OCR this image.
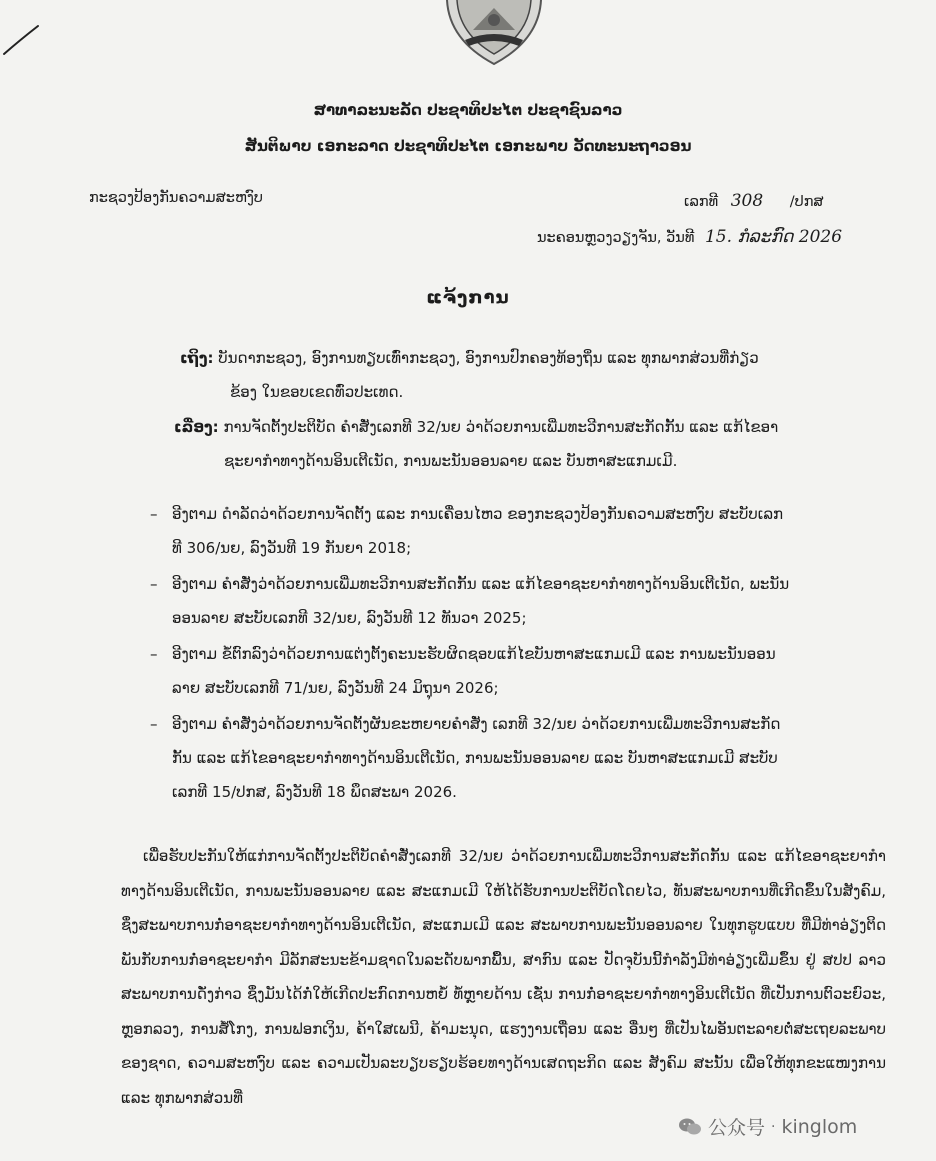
ສາທາລະນະລັດ ປະຊາທິປະໄຕ ປະຊາຊົນລາວ
ສັນຕິພາບ ເອກະລາດ ປະຊາທິປະໄຕ ເອກະພາບ ວັດທະນະຖາວອນ
ກະຊວງປ້ອງກັນຄວາມສະຫງົບ	ເລກທີ 308 /ປກສ
ນະຄອນຫຼວງວຽງຈັນ, ວັນທີ 15. ກໍລະກົດ 2026
ແຈ້ງການ
ເຖິງ: ບັນດາກະຊວງ, ອົງການທຽບເທົ່າກະຊວງ, ອົງການປົກຄອງທ້ອງຖິ່ນ ແລະ ທຸກພາກສ່ວນທີ່ກ່ຽວ
ຂ້ອງ ໃນຂອບເຂດທົ່ວປະເທດ.
ເລື່ອງ: ການຈັດຕັ້ງປະຕິບັດ ຄຳສັ່ງເລກທີ 32/ນຍ ວ່າດ້ວຍການເພີ່ມທະວີການສະກັດກັ້ນ ແລະ ແກ້ໄຂອາ
ຊະຍາກຳທາງດ້ານອິນເຕີເນັດ, ການພະນັນອອນລາຍ ແລະ ບັນຫາສະແກມເມີ.
– ອີງຕາມ ດຳລັດວ່າດ້ວຍການຈັດຕັ້ງ ແລະ ການເຄື່ອນໄຫວ ຂອງກະຊວງປ້ອງກັນຄວາມສະຫງົບ ສະບັບເລກ
ທີ 306/ນຍ, ລົງວັນທີ 19 ກັນຍາ 2018;
– ອີງຕາມ ຄຳສັ່ງວ່າດ້ວຍການເພີ່ມທະວີການສະກັດກັ້ນ ແລະ ແກ້ໄຂອາຊະຍາກຳທາງດ້ານອິນເຕີເນັດ, ພະນັນ
ອອນລາຍ ສະບັບເລກທີ 32/ນຍ, ລົງວັນທີ 12 ທັນວາ 2025;
– ອີງຕາມ ຂໍ້ຕົກລົງວ່າດ້ວຍການແຕ່ງຕັ້ງຄະນະຮັບຜິດຊອບແກ້ໄຂບັນຫາສະແກມເມີ ແລະ ການພະນັນອອນ
ລາຍ ສະບັບເລກທີ 71/ນຍ, ລົງວັນທີ 24 ມິຖຸນາ 2026;
– ອີງຕາມ ຄຳສັ່ງວ່າດ້ວຍການຈັດຕັ້ງຜັນຂະຫຍາຍຄຳສັ່ງ ເລກທີ 32/ນຍ ວ່າດ້ວຍການເພີ່ມທະວີການສະກັດ
ກັ້ນ ແລະ ແກ້ໄຂອາຊະຍາກຳທາງດ້ານອິນເຕີເນັດ, ການພະນັນອອນລາຍ ແລະ ບັນຫາສະແກມເມີ ສະບັບ
ເລກທີ 15/ປກສ, ລົງວັນທີ 18 ພຶດສະພາ 2026.
ເພື່ອຮັບປະກັນໃຫ້ແກ່ການຈັດຕັ້ງປະຕິບັດຄຳສັ່ງເລກທີ 32/ນຍ ວ່າດ້ວຍການເພີ່ມທະວີການສະກັດກັ້ນ ແລະ ແກ້ໄຂອາຊະຍາກຳທາງດ້ານອິນເຕີເນັດ, ການພະນັນອອນລາຍ ແລະ ສະແກມເມີ ໃຫ້ໄດ້ຮັບການປະຕິບັດໂດຍໄວ, ທັນສະພາບການທີ່ເກີດຂຶ້ນໃນສັງຄົມ, ຊຶ່ງສະພາບການກໍ່ອາຊະຍາກຳທາງດ້ານອິນເຕີເນັດ, ສະແກມເມີ ແລະ ສະພາບການພະນັນອອນລາຍ ໃນທຸກຮູບແບບ ທີ່ມີທ່າອ່ຽງຕິດພັນກັບການກໍ່ອາຊະຍາກຳ ມີລັກສະນະຂ້າມຊາດໃນລະດັບພາກພື້ນ, ສາກົນ ແລະ ປັດຈຸບັນນີ້ກຳລັງມີທ່າອ່ຽງເພີ່ມຂຶ້ນ ຢູ່ ສປປ ລາວ ສະພາບການດັ່ງກ່າວ ຊຶ່ງມັນໄດ້ກໍ່ໃຫ້ເກີດປະກົດການຫຍໍ້ ທໍ້ຫຼາຍດ້ານ ເຊັ່ນ ການກໍ່ອາຊະຍາກຳທາງອິນເຕີເນັດ ທີ່ເປັນການຕົວະຍົວະ, ຫຼອກລວງ, ການສໍ້ໂກງ, ການຟອກເງິນ, ຄ້າໃສເພນີ, ຄ້າມະນຸດ, ແຮງງານເຖື່ອນ ແລະ ອື່ນໆ ທີ່ເປັນໄພອັນຕະລາຍຕໍ່ສະເຖຍລະພາບຂອງຊາດ, ຄວາມສະຫງົບ ແລະ ຄວາມເປັນລະບຽບຮຽບຮ້ອຍທາງດ້ານເສດຖະກິດ ແລະ ສັງຄົມ ສະນັ້ນ ເພື່ອໃຫ້ທຸກຂະແໜງການ ແລະ ທຸກພາກສ່ວນທີ່
公众号 · kinglom
